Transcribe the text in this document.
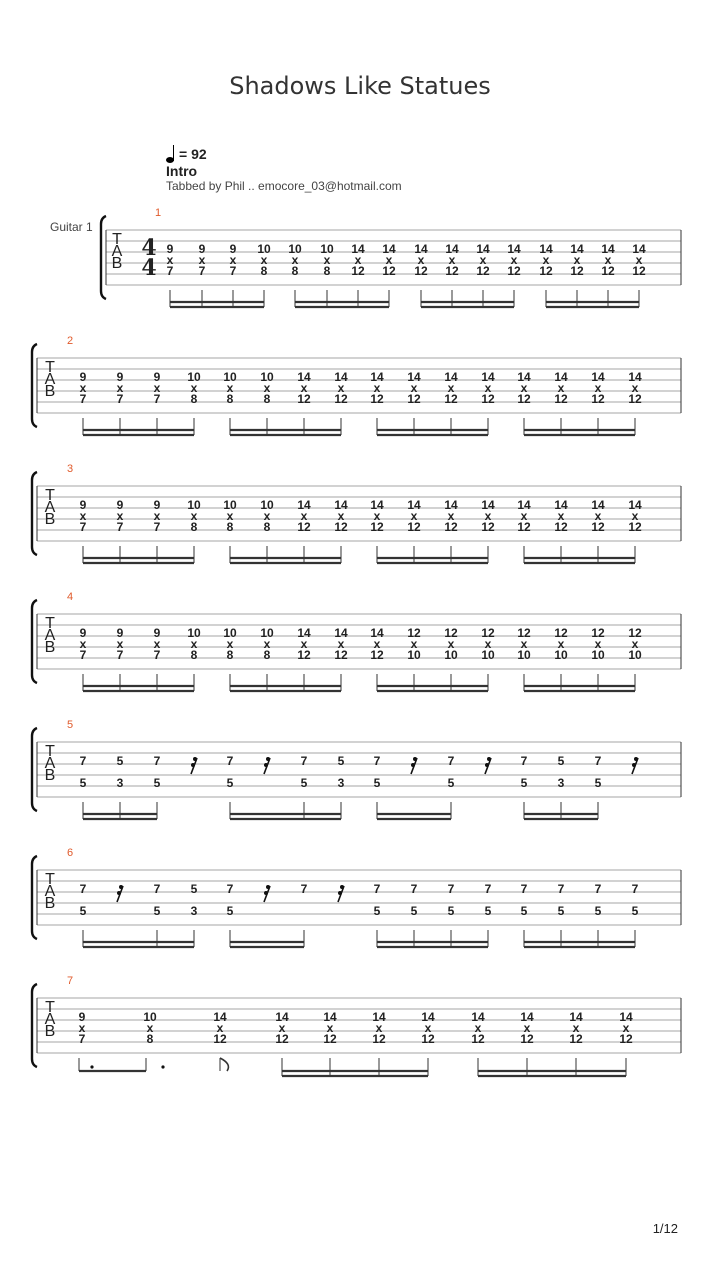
Shadows Like Statues
= 92
Intro
Tabbed by Phil .. emocore_03@hotmail.com
Guitar 1
1/12
T
A
B
1
4
4
9
x
7
9
x
7
9
x
7
10
x
8
10
x
8
10
x
8
14
x
12
14
x
12
14
x
12
14
x
12
14
x
12
14
x
12
14
x
12
14
x
12
14
x
12
14
x
12
T
A
B
2
9
x
7
9
x
7
9
x
7
10
x
8
10
x
8
10
x
8
14
x
12
14
x
12
14
x
12
14
x
12
14
x
12
14
x
12
14
x
12
14
x
12
14
x
12
14
x
12
T
A
B
3
9
x
7
9
x
7
9
x
7
10
x
8
10
x
8
10
x
8
14
x
12
14
x
12
14
x
12
14
x
12
14
x
12
14
x
12
14
x
12
14
x
12
14
x
12
14
x
12
T
A
B
4
9
x
7
9
x
7
9
x
7
10
x
8
10
x
8
10
x
8
14
x
12
14
x
12
14
x
12
12
x
10
12
x
10
12
x
10
12
x
10
12
x
10
12
x
10
12
x
10
T
A
B
5
7
5
5
3
7
5
7
5
7
5
5
3
7
5
7
5
7
5
5
3
7
5
T
A
B
6
7
5
7
5
5
3
7
5
7	7
5
7
5
7
5
7
5
7
5
7
5
7
5
7
5
T
A
B
7
9
x
7
10
x
8
14
x
12
14
x
12
14
x
12
14
x
12
14
x
12
14
x
12
14
x
12
14
x
12
14
x
12
